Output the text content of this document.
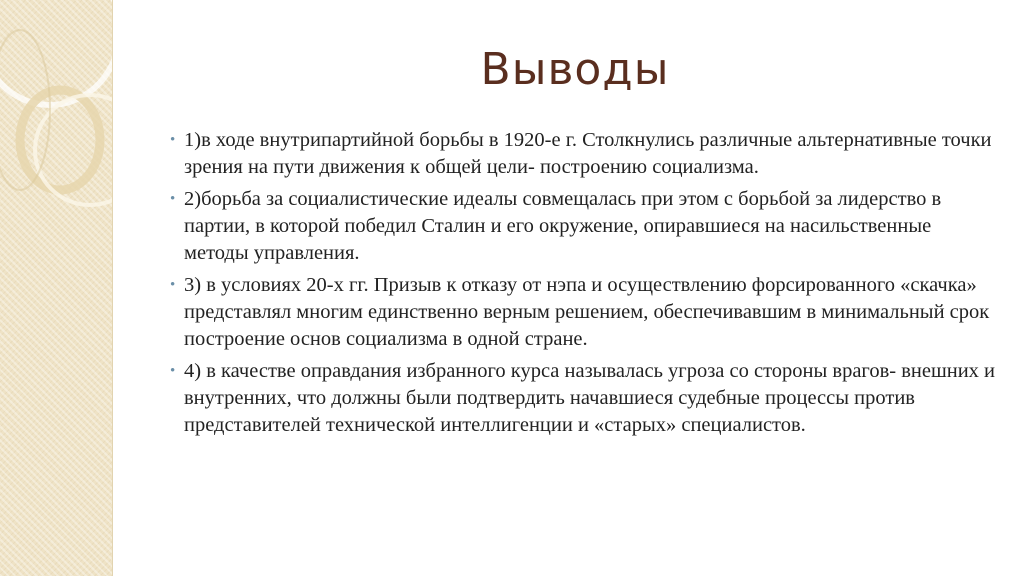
Выводы
• 1)в ходе внутрипартийной борьбы в 1920-е г. Столкнулись различные альтернативные точки зрения на пути движения к общей цели- построению социализма.
• 2)борьба за социалистические идеалы совмещалась при этом с борьбой за лидерство в партии, в которой победил Сталин и его окружение, опиравшиеся на насильственные методы управления.
• 3) в условиях 20-х гг. Призыв к отказу от нэпа и осуществлению форсированного «скачка» представлял многим единственно верным решением, обеспечивавшим в минимальный срок построение основ социализма в одной стране.
• 4) в качестве оправдания избранного курса называлась угроза со стороны врагов- внешних и внутренних, что должны были подтвердить начавшиеся судебные процессы против представителей технической интеллигенции и «старых» специалистов.
